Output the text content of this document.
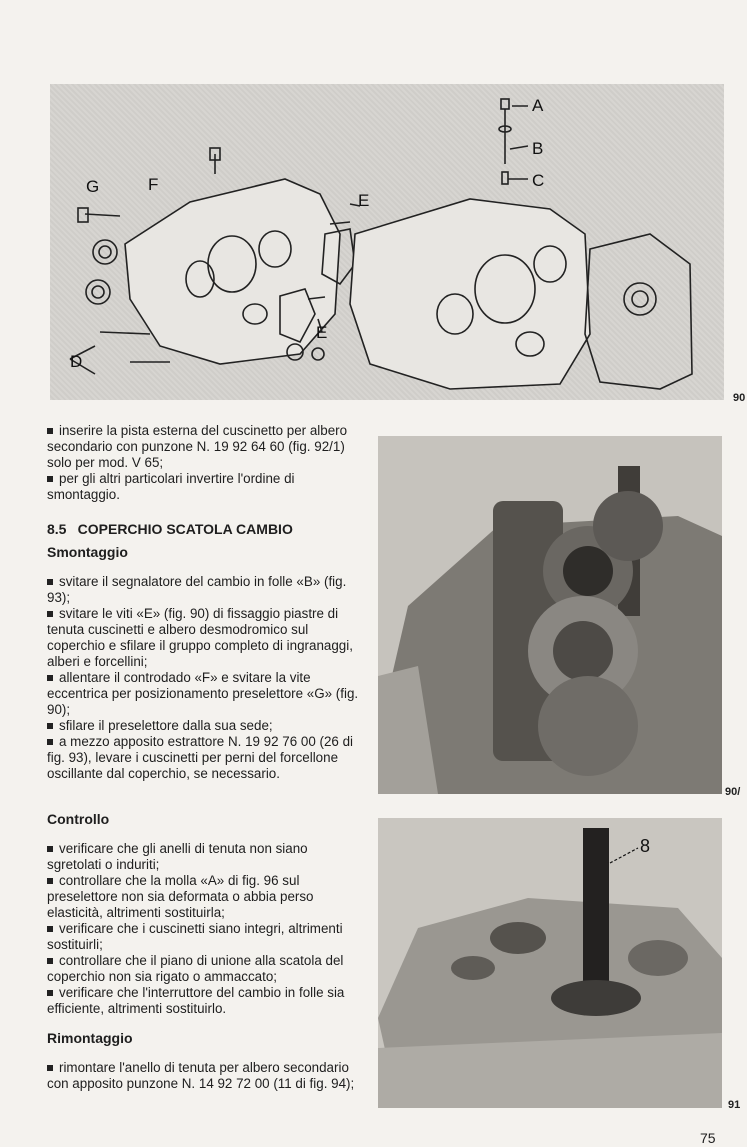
A
B
C
E
E
F
G
D
90
90/
8
91

inserire la pista esterna del cuscinetto per albero secondario con punzone N. 19 92 64 60 (fig. 92/1) solo per mod. V 65;

per gli altri particolari invertire l'ordine di smontaggio.

8.5 COPERCHIO SCATOLA CAMBIO

Smontaggio

svitare il segnalatore del cambio in folle «B» (fig. 93);

svitare le viti «E» (fig. 90) di fissaggio piastre di tenuta cuscinetti e albero desmodromico sul coperchio e sfilare il gruppo completo di ingranaggi, alberi e forcellini;

allentare il controdado «F» e svitare la vite eccentrica per posizionamento preselettore «G» (fig. 90);

sfilare il preselettore dalla sua sede;

a mezzo apposito estrattore N. 19 92 76 00 (26 di fig. 93), levare i cuscinetti per perni del forcellone oscillante dal coperchio, se necessario.

Controllo

verificare che gli anelli di tenuta non siano sgretolati o induriti;

controllare che la molla «A» di fig. 96 sul preselettore non sia deformata o abbia perso elasticità, altrimenti sostituirla;

verificare che i cuscinetti siano integri, altrimenti sostituirli;

controllare che il piano di unione alla scatola del coperchio non sia rigato o ammaccato;

verificare che l'interruttore del cambio in folle sia efficiente, altrimenti sostituirlo.

Rimontaggio

rimontare l'anello di tenuta per albero secondario con apposito punzone N. 14 92 72 00 (11 di fig. 94);

75
